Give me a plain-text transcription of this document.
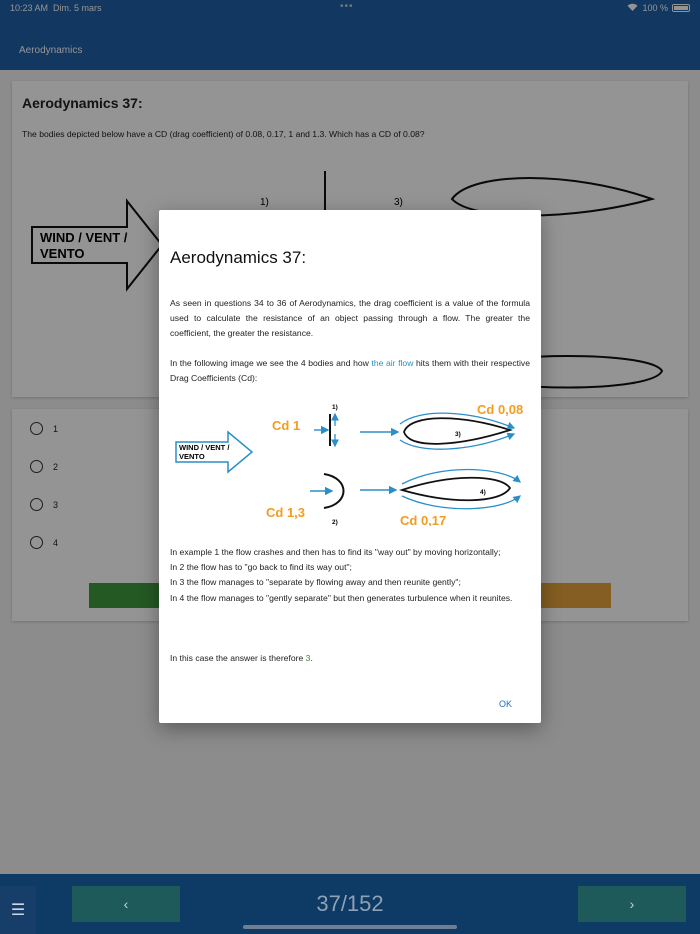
10:23 AM Dim. 5 mars	•••	100 %
Aerodynamics
Aerodynamics 37:
The bodies depicted below have a CD (drag coefficient) of 0.08, 0.17, 1 and 1.3. Which has a CD of 0.08?
WIND / VENT /
VENTO
1)	3)
1
2
3
4
☰	‹	37/152	›
Aerodynamics 37:
As seen in questions 34 to 36 of Aerodynamics, the drag coefficient is a value of the formula used to calculate the resistance of an object passing through a flow. The greater the coefficient, the greater the resistance.
In the following image we see the 4 bodies and how the air flow hits them with their respective Drag Coefficients (Cd):
WIND / VENT /
VENTO
Cd 1
1)
Cd 1,3
2)
3)
Cd 0,08
4)
Cd 0,17
In example 1 the flow crashes and then has to find its "way out" by moving horizontally;
In 2 the flow has to "go back to find its way out";
In 3 the flow manages to "separate by flowing away and then reunite gently";
In 4 the flow manages to "gently separate" but then generates turbulence when it reunites.
In this case the answer is therefore 3.
OK
